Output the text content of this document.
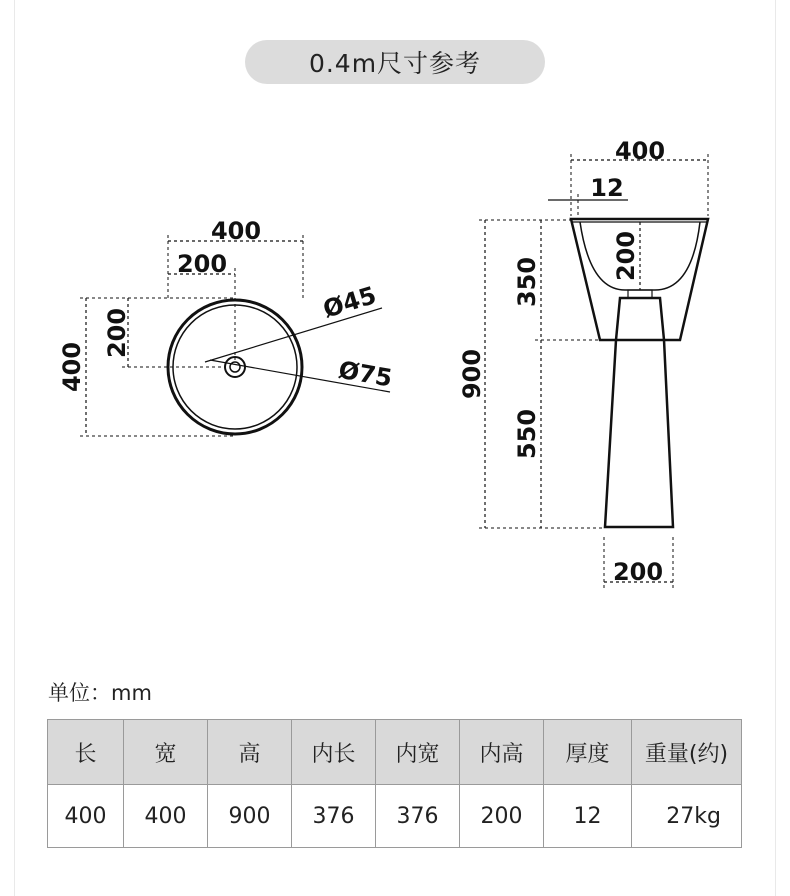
0.4m尺寸参考
400
200
400
200
Ø45
Ø75
400
12
200
350
900
550
200
单位：mm
长	宽	高	内长	内宽	内高	厚度	重量(约)
400	400	900	376	376	200	12	27kg
